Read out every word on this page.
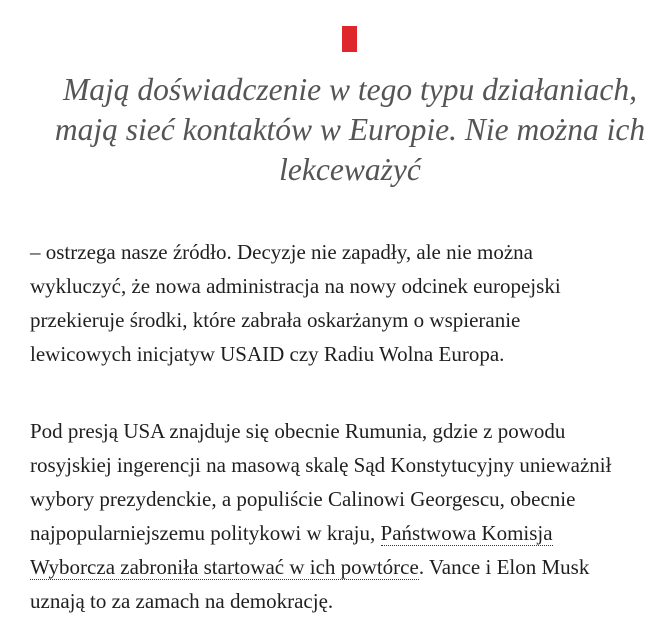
Mają doświadczenie w tego typu działaniach,
mają sieć kontaktów w Europie. Nie można ich
lekceważyć

– ostrzega nasze źródło. Decyzje nie zapadły, ale nie można
wykluczyć, że nowa administracja na nowy odcinek europejski
przekieruje środki, które zabrała oskarżanym o wspieranie
lewicowych inicjatyw USAID czy Radiu Wolna Europa.

Pod presją USA znajduje się obecnie Rumunia, gdzie z powodu
rosyjskiej ingerencji na masową skalę Sąd Konstytucyjny unieważnił
wybory prezydenckie, a populiście Calinowi Georgescu, obecnie
najpopularniejszemu politykowi w kraju, Państwowa Komisja
Wyborcza zabroniła startować w ich powtórce. Vance i Elon Musk
uznają to za zamach na demokrację.
